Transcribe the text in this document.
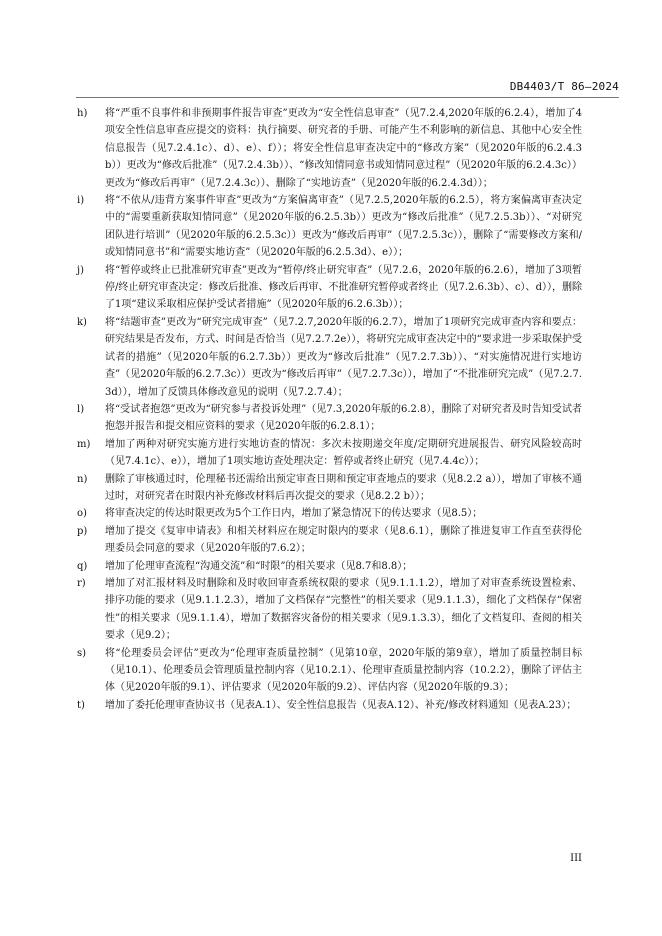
DB4403/T 86—2024
h) 将“严重不良事件和非预期事件报告审查”更改为“安全性信息审查”（见7.2.4,2020年版的6.2.4），增加了4项安全性信息审查应提交的资料：执行摘要、研究者的手册、可能产生不利影响的新信息、其他中心安全性信息报告（见7.2.4.1c）、d）、e）、f））；将安全性信息审查决定中的“修改方案”（见2020年版的6.2.4.3b））更改为“修改后批准”（见7.2.4.3b））、“修改知情同意书或知情同意过程”（见2020年版的6.2.4.3c））更改为“修改后再审”（见7.2.4.3c））、删除了“实地访查”（见2020年版的6.2.4.3d））；
i) 将“不依从/违背方案事件审查”更改为“方案偏离审查”（见7.2.5,2020年版的6.2.5），将方案偏离审查决定中的“需要重新获取知情同意”（见2020年版的6.2.5.3b））更改为“修改后批准”（见7.2.5.3b））、“对研究团队进行培训”（见2020年版的6.2.5.3c））更改为“修改后再审”（见7.2.5.3c）），删除了“需要修改方案和/或知情同意书”和“需要实地访查”（见2020年版的6.2.5.3d）、e））；
j) 将“暂停或终止已批准研究审查”更改为“暂停/终止研究审查”（见7.2.6，2020年版的6.2.6），增加了3项暂停/终止研究审查决定：修改后批准、修改后再审、不批准研究暂停或者终止（见7.2.6.3b）、c）、d）），删除了1项“建议采取相应保护受试者措施”（见2020年版的6.2.6.3b））；
k) 将“结题审查”更改为“研究完成审查”（见7.2.7,2020年版的6.2.7），增加了1项研究完成审查内容和要点：研究结果是否发布，方式、时间是否恰当（见7.2.7.2e）），将研究完成审查决定中的“要求进一步采取保护受试者的措施”（见2020年版的6.2.7.3b））更改为“修改后批准”（见7.2.7.3b））、“对实施情况进行实地访查”（见2020年版的6.2.7.3c））更改为“修改后再审”（见7.2.7.3c）），增加了“不批准研究完成”（见7.2.7.3d）），增加了反馈具体修改意见的说明（见7.2.7.4）；
l) 将“受试者抱怨”更改为“研究参与者投诉处理”（见7.3,2020年版的6.2.8），删除了对研究者及时告知受试者抱怨并报告和提交相应资料的要求（见2020年版的6.2.8.1）；
m) 增加了两种对研究实施方进行实地访查的情况：多次未按期递交年度/定期研究进展报告、研究风险较高时（见7.4.1c）、e）），增加了1项实地访查处理决定：暂停或者终止研究（见7.4.4c））；
n) 删除了审核通过时，伦理秘书还需给出预定审查日期和预定审查地点的要求（见8.2.2 a）），增加了审核不通过时，对研究者在时限内补充修改材料后再次提交的要求（见8.2.2 b））；
o) 将审查决定的传达时限更改为5个工作日内，增加了紧急情况下的传达要求（见8.5）；
p) 增加了提交《复审申请表》和相关材料应在规定时限内的要求（见8.6.1），删除了推进复审工作直至获得伦理委员会同意的要求（见2020年版的7.6.2）；
q) 增加了伦理审查流程“沟通交流”和“时限”的相关要求（见8.7和8.8）；
r) 增加了对汇报材料及时删除和及时收回审查系统权限的要求（见9.1.1.1.2），增加了对审查系统设置检索、排序功能的要求（见9.1.1.2.3），增加了文档保存“完整性”的相关要求（见9.1.1.3），细化了文档保存“保密性”的相关要求（见9.1.1.4），增加了数据容灾备份的相关要求（见9.1.3.3），细化了文档复印、查阅的相关要求（见9.2）；
s) 将“伦理委员会评估”更改为“伦理审查质量控制”（见第10章，2020年版的第9章），增加了质量控制目标（见10.1）、伦理委员会管理质量控制内容（见10.2.1）、伦理审查质量控制内容（10.2.2），删除了评估主体（见2020年版的9.1）、评估要求（见2020年版的9.2）、评估内容（见2020年版的9.3）；
t) 增加了委托伦理审查协议书（见表A.1）、安全性信息报告（见表A.12）、补充/修改材料通知（见表A.23）；
III
